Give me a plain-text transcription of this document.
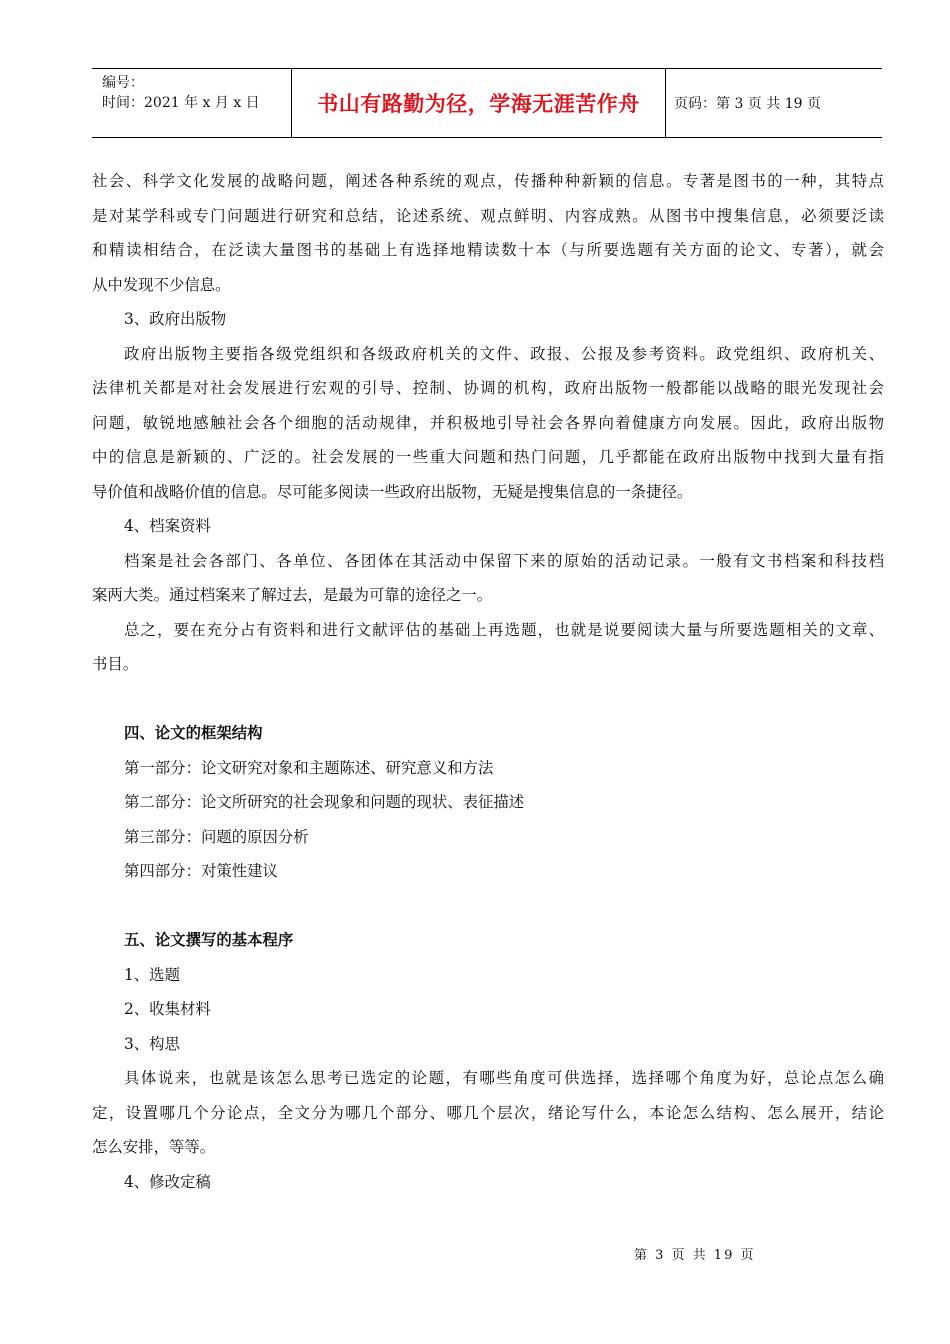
编号：
时间：2021 年 x 月 x 日	书山有路勤为径，学海无涯苦作舟 页码：第 3 页 共 19 页
社会、科学文化发展的战略问题，阐述各种系统的观点，传播种种新颖的信息。专著是图书的一种，其特点
是对某学科或专门问题进行研究和总结，论述系统、观点鲜明、内容成熟。从图书中搜集信息，必须要泛读
和精读相结合，在泛读大量图书的基础上有选择地精读数十本（与所要选题有关方面的论文、专著），就会
从中发现不少信息。
3、政府出版物
政府出版物主要指各级党组织和各级政府机关的文件、政报、公报及参考资料。政党组织、政府机关、
法律机关都是对社会发展进行宏观的引导、控制、协调的机构，政府出版物一般都能以战略的眼光发现社会
问题，敏锐地感触社会各个细胞的活动规律，并积极地引导社会各界向着健康方向发展。因此，政府出版物
中的信息是新颖的、广泛的。社会发展的一些重大问题和热门问题，几乎都能在政府出版物中找到大量有指
导价值和战略价值的信息。尽可能多阅读一些政府出版物，无疑是搜集信息的一条捷径。
4、档案资料
档案是社会各部门、各单位、各团体在其活动中保留下来的原始的活动记录。一般有文书档案和科技档
案两大类。通过档案来了解过去，是最为可靠的途径之一。
总之，要在充分占有资料和进行文献评估的基础上再选题，也就是说要阅读大量与所要选题相关的文章、
书目。
四、论文的框架结构
第一部分：论文研究对象和主题陈述、研究意义和方法
第二部分：论文所研究的社会现象和问题的现状、表征描述
第三部分：问题的原因分析
第四部分：对策性建议
五、论文撰写的基本程序
1、选题
2、收集材料
3、构思
具体说来，也就是该怎么思考已选定的论题，有哪些角度可供选择，选择哪个角度为好，总论点怎么确
定，设置哪几个分论点，全文分为哪几个部分、哪几个层次，绪论写什么，本论怎么结构、怎么展开，结论
怎么安排，等等。
4、修改定稿
第 3 页 共 19 页
